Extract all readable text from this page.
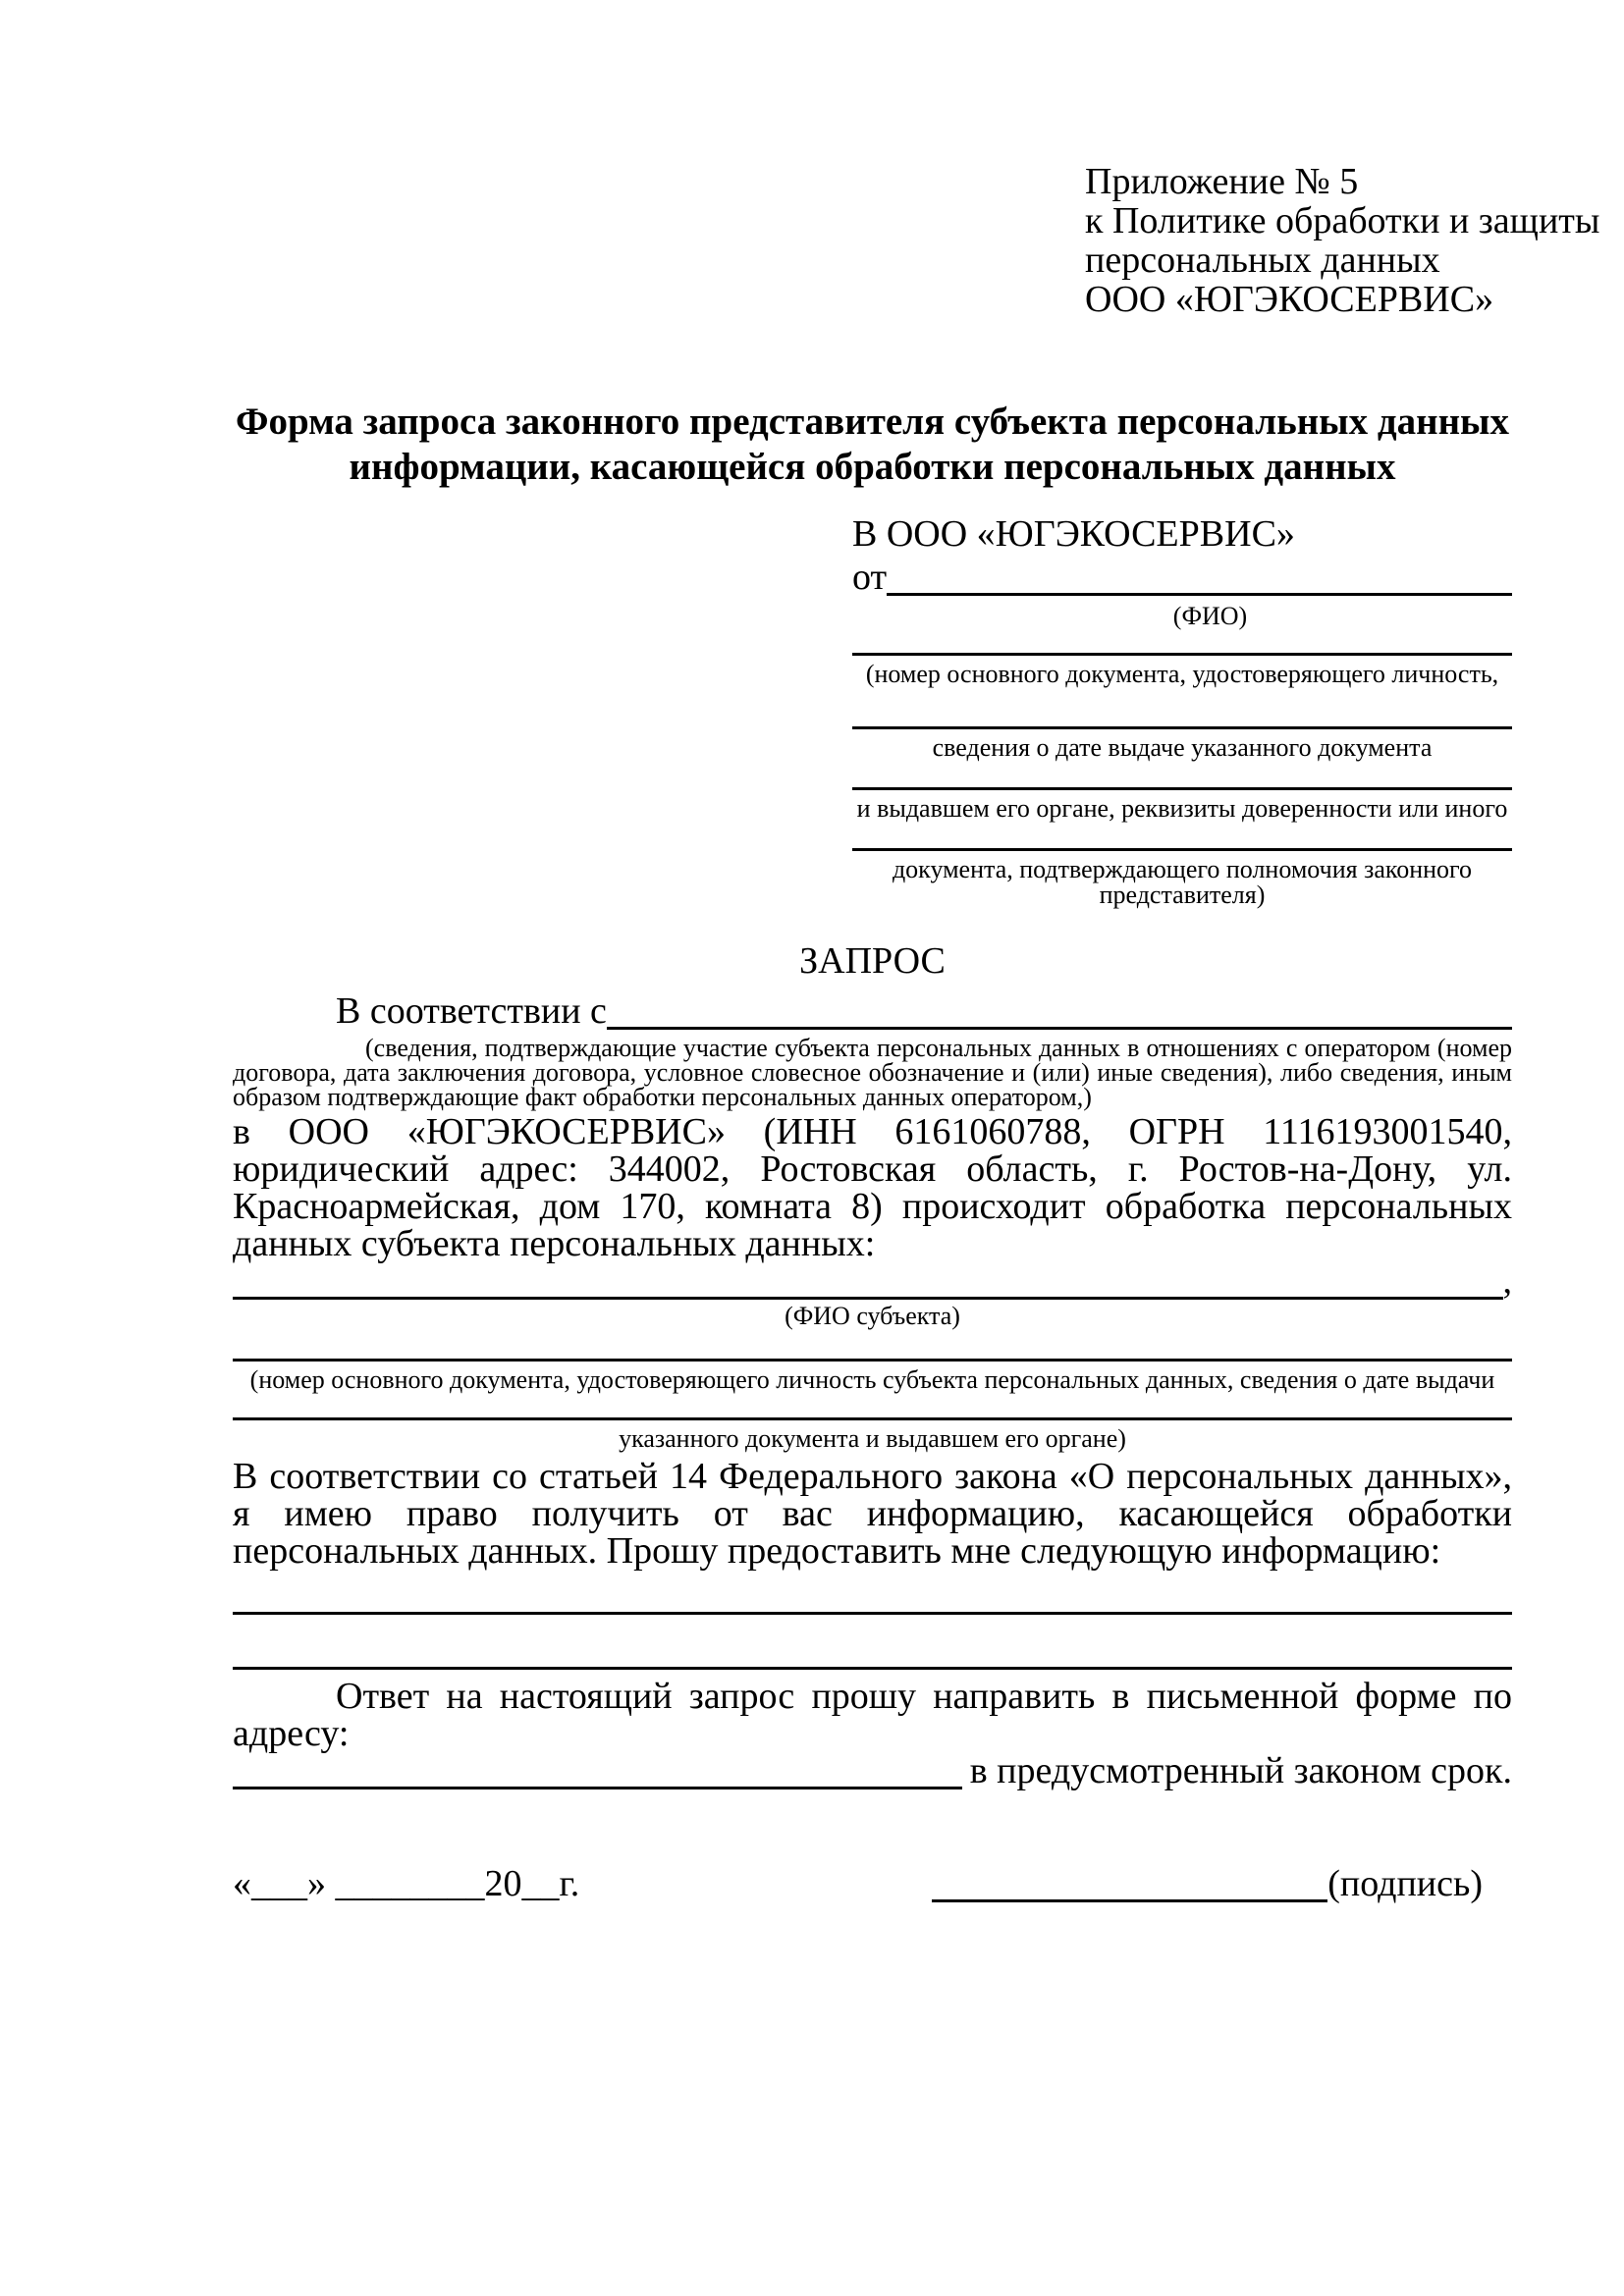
Приложение № 5
к Политике обработки и защиты
персональных данных
ООО «ЮГЭКОСЕРВИС»
Форма запроса законного представителя субъекта персональных данных информации, касающейся обработки персональных данных
В ООО «ЮГЭКОСЕРВИС»
от
(ФИО)
(номер основного документа, удостоверяющего личность,
сведения о дате выдаче указанного документа
и выдавшем его органе, реквизиты доверенности или иного
документа, подтверждающего полномочия законного представителя)
ЗАПРОС
В соответствии с
(сведения, подтверждающие участие субъекта персональных данных в отношениях с оператором (номер договора, дата заключения договора, условное словесное обозначение и (или) иные сведения), либо сведения, иным образом подтверждающие факт обработки персональных данных оператором,)
в ООО «ЮГЭКОСЕРВИС» (ИНН 6161060788, ОГРН 1116193001540, юридический адрес: 344002, Ростовская область, г. Ростов-на-Дону, ул. Красноармейская, дом 170, комната 8) происходит обработка персональных данных субъекта персональных данных:
,
(ФИО субъекта)
(номер основного документа, удостоверяющего личность субъекта персональных данных, сведения о дате выдачи
указанного документа и выдавшем его органе)
В соответствии со статьей 14 Федерального закона «О персональных данных», я имею право получить от вас информацию, касающейся обработки персональных данных. Прошу предоставить мне следующую информацию:
Ответ на настоящий запрос прошу направить в письменной форме по адресу:
в предусмотренный законом срок.
«___» ________20__г.	(подпись)
